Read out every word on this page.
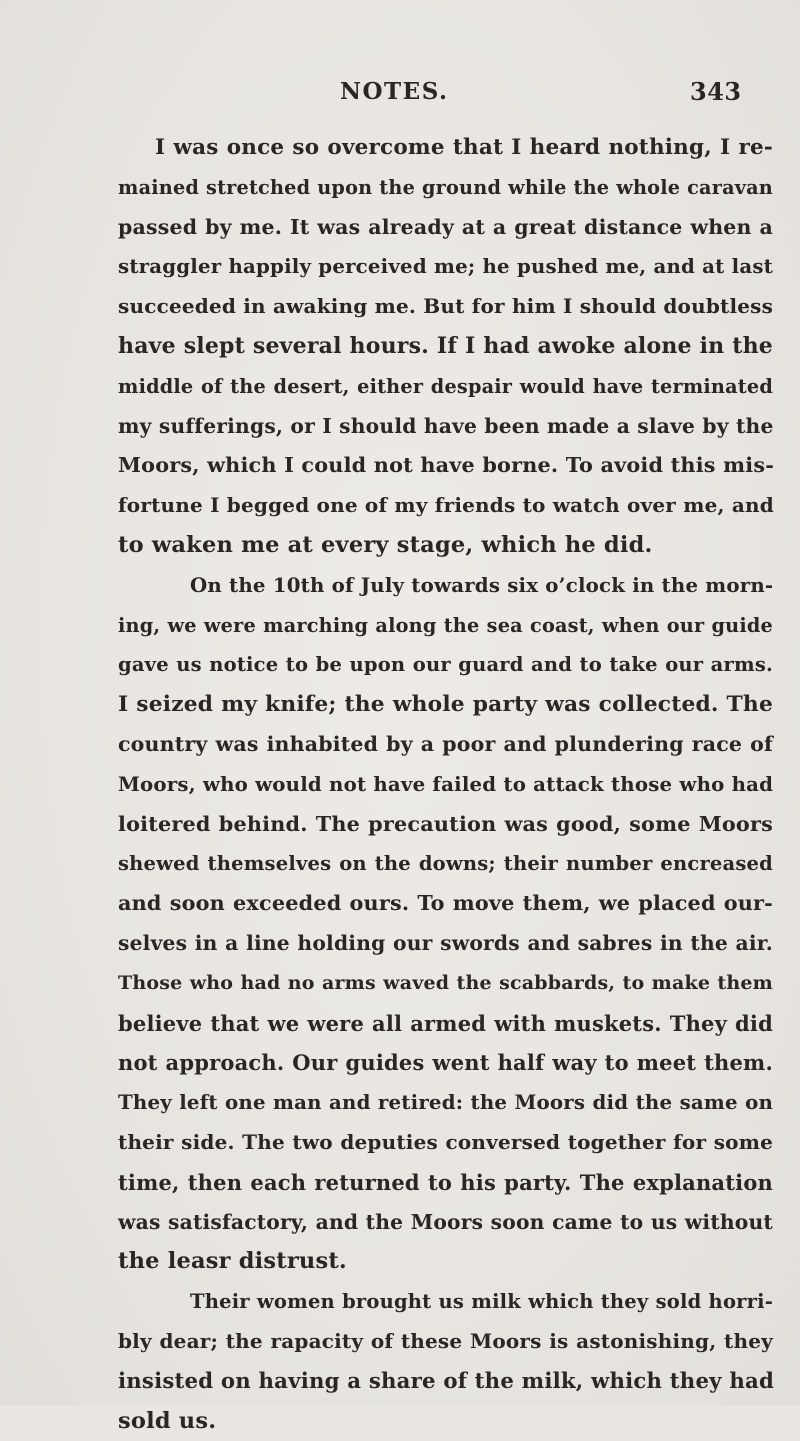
NOTES.	343
I was once so overcome that I heard nothing, I re-
mained stretched upon the ground while the whole caravan
passed by me. It was already at a great distance when a
straggler happily perceived me; he pushed me, and at last
succeeded in awaking me. But for him I should doubtless
have slept several hours. If I had awoke alone in the
middle of the desert, either despair would have terminated
my sufferings, or I should have been made a slave by the
Moors, which I could not have borne. To avoid this mis-
fortune I begged one of my friends to watch over me, and
to waken me at every stage, which he did.
On the 10th of July towards six o’clock in the morn-
ing, we were marching along the sea coast, when our guide
gave us notice to be upon our guard and to take our arms.
I seized my knife; the whole party was collected. The
country was inhabited by a poor and plundering race of
Moors, who would not have failed to attack those who had
loitered behind. The precaution was good, some Moors
shewed themselves on the downs; their number encreased
and soon exceeded ours. To move them, we placed our-
selves in a line holding our swords and sabres in the air.
Those who had no arms waved the scabbards, to make them
believe that we were all armed with muskets. They did
not approach. Our guides went half way to meet them.
They left one man and retired: the Moors did the same on
their side. The two deputies conversed together for some
time, then each returned to his party. The explanation
was satisfactory, and the Moors soon came to us without
the leasr distrust.
Their women brought us milk which they sold horri-
bly dear; the rapacity of these Moors is astonishing, they
insisted on having a share of the milk, which they had
sold us.
